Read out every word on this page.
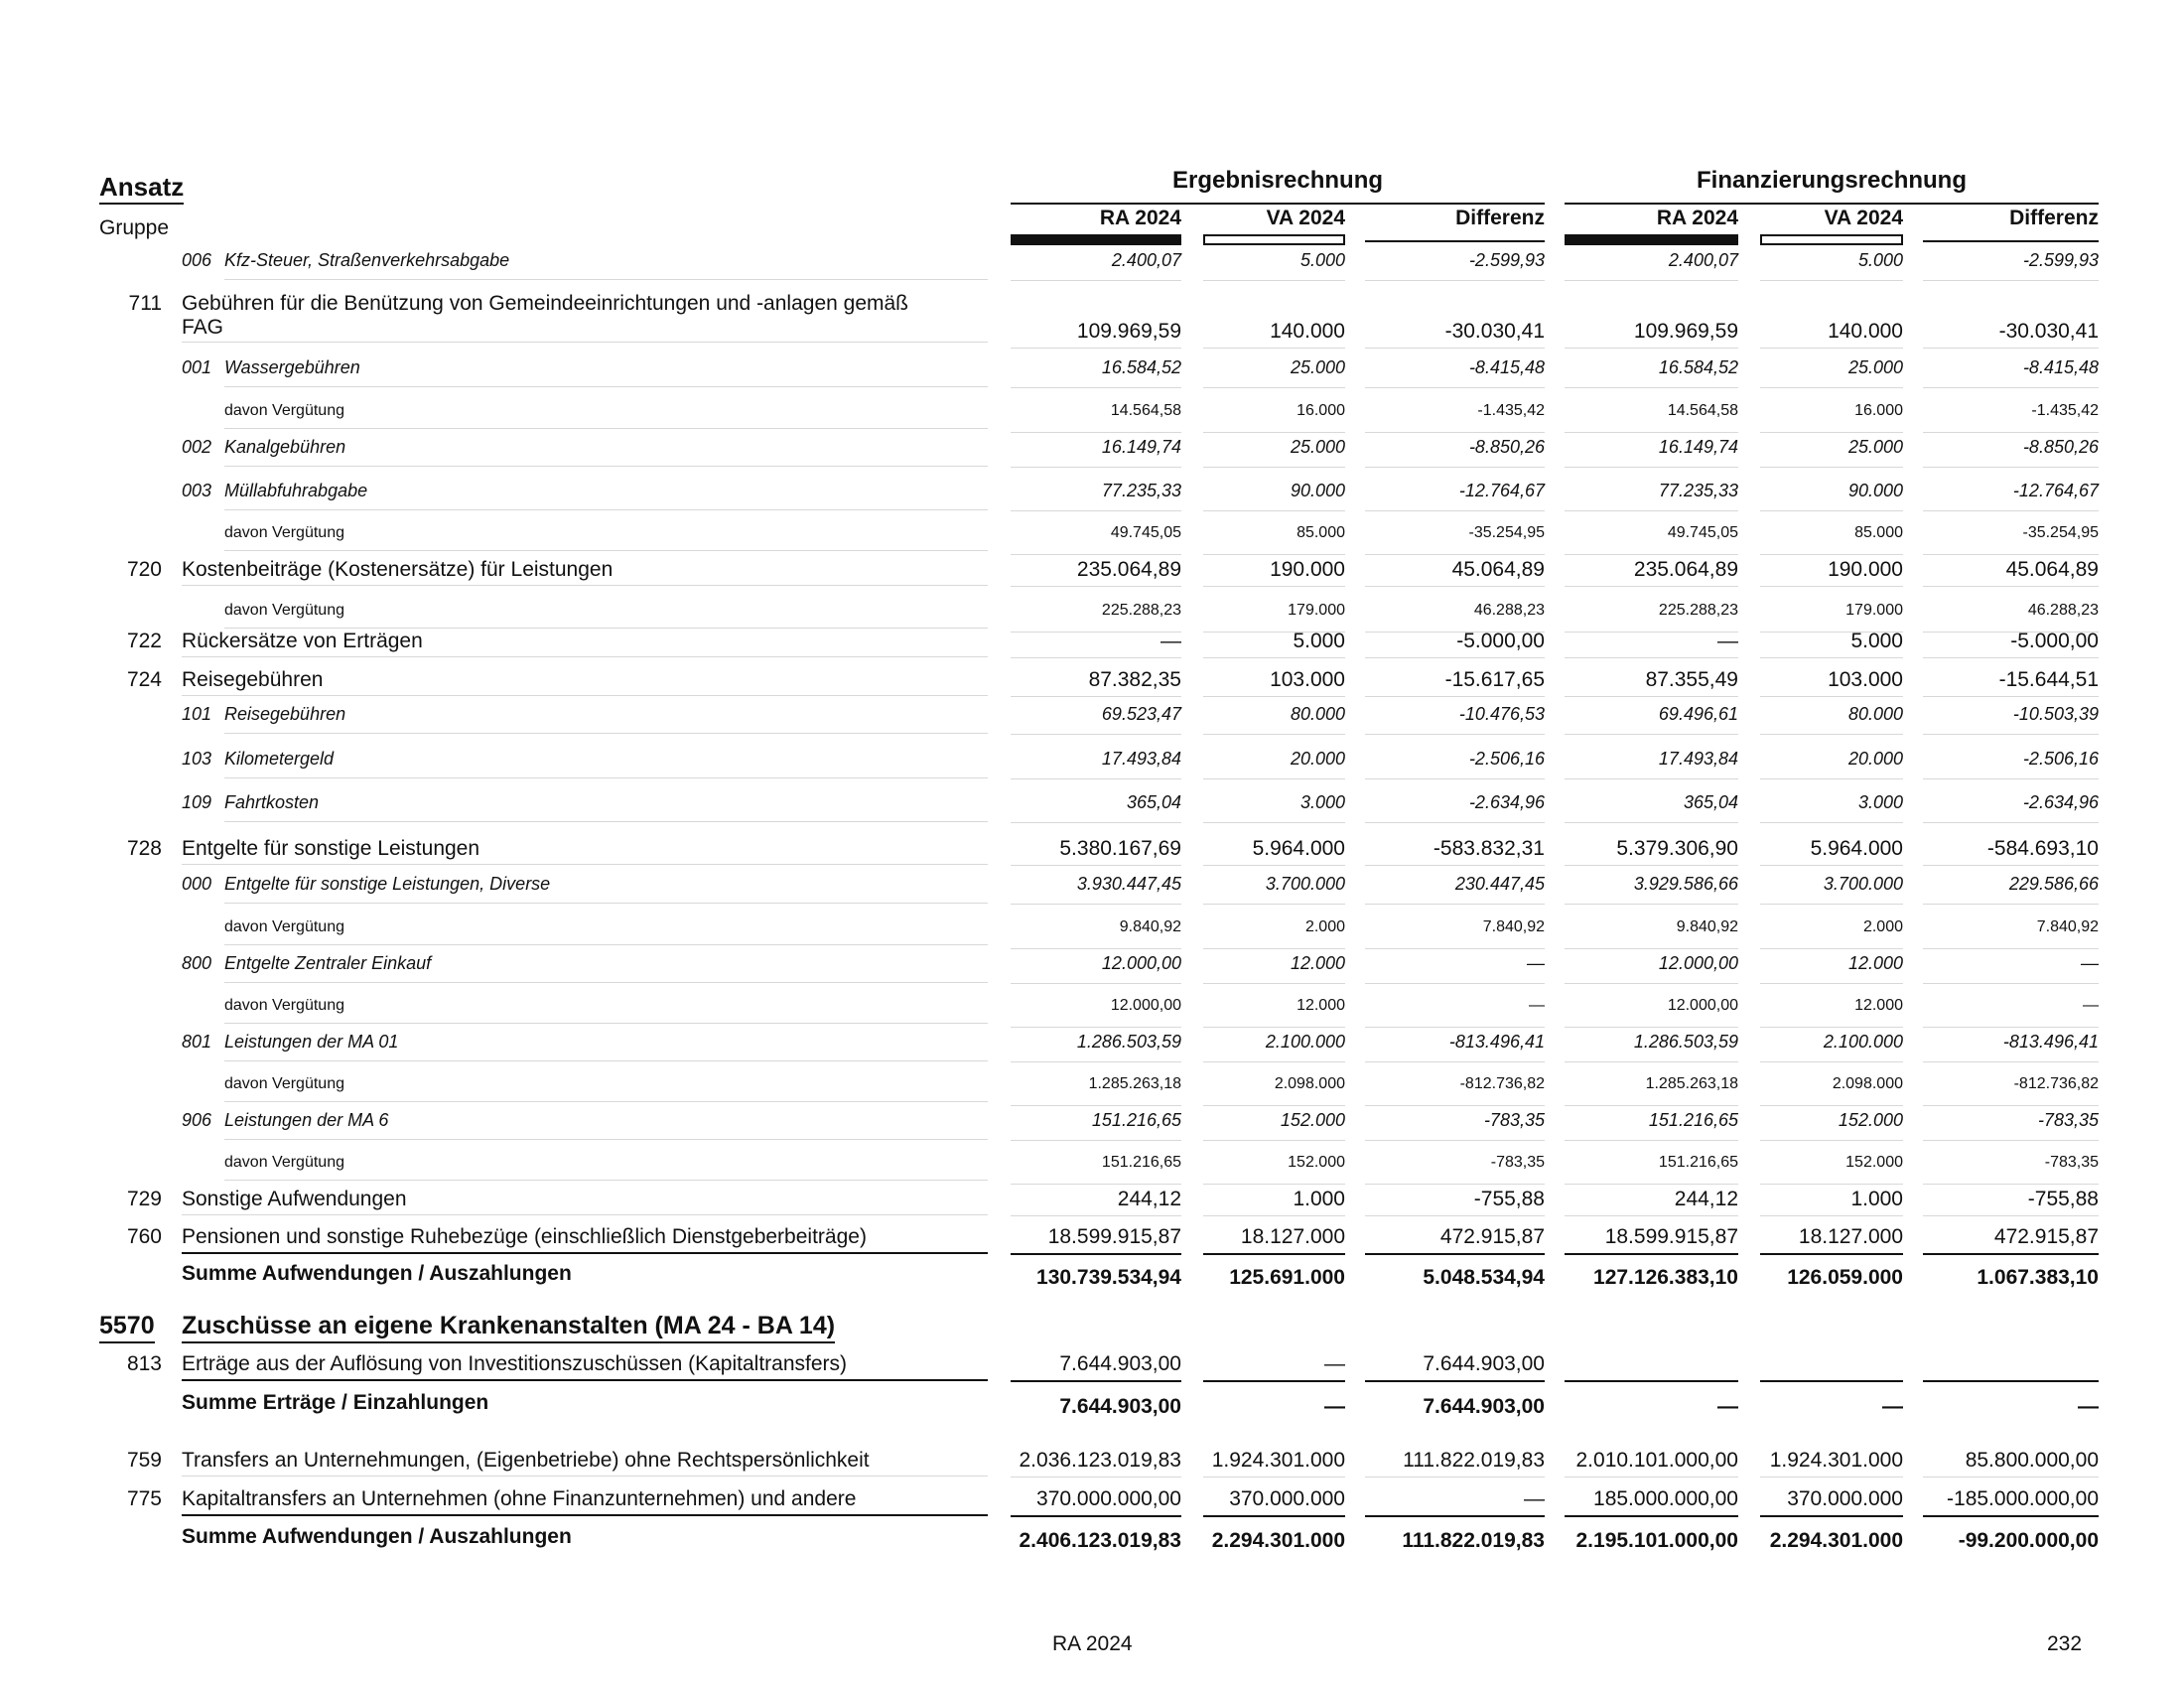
Ansatz
Gruppe
Ergebnisrechnung	Finanzierungsrechnung
RA 2024	VA 2024	Differenz	RA 2024	VA 2024	Differenz
006 Kfz-Steuer, Straßenverkehrsabgabe	2.400,07	5.000	-2.599,93	2.400,07	5.000	-2.599,93
711 Gebühren für die Benützung von Gemeindeeinrichtungen und -anlagen gemäß
FAG	109.969,59	140.000	-30.030,41	109.969,59	140.000	-30.030,41
001 Wassergebühren	16.584,52	25.000	-8.415,48	16.584,52	25.000	-8.415,48
davon Vergütung	14.564,58	16.000	-1.435,42	14.564,58	16.000	-1.435,42
002 Kanalgebühren	16.149,74	25.000	-8.850,26	16.149,74	25.000	-8.850,26
003 Müllabfuhrabgabe	77.235,33	90.000	-12.764,67	77.235,33	90.000	-12.764,67
davon Vergütung	49.745,05	85.000	-35.254,95	49.745,05	85.000	-35.254,95
720 Kostenbeiträge (Kostenersätze) für Leistungen	235.064,89	190.000	45.064,89	235.064,89	190.000	45.064,89
davon Vergütung	225.288,23	179.000	46.288,23	225.288,23	179.000	46.288,23
722 Rückersätze von Erträgen	—	5.000	-5.000,00	—	5.000	-5.000,00
724 Reisegebühren	87.382,35	103.000	-15.617,65	87.355,49	103.000	-15.644,51
101 Reisegebühren	69.523,47	80.000	-10.476,53	69.496,61	80.000	-10.503,39
103 Kilometergeld	17.493,84	20.000	-2.506,16	17.493,84	20.000	-2.506,16
109 Fahrtkosten	365,04	3.000	-2.634,96	365,04	3.000	-2.634,96
728 Entgelte für sonstige Leistungen	5.380.167,69	5.964.000	-583.832,31	5.379.306,90	5.964.000	-584.693,10
000 Entgelte für sonstige Leistungen, Diverse	3.930.447,45	3.700.000	230.447,45	3.929.586,66	3.700.000	229.586,66
davon Vergütung	9.840,92	2.000	7.840,92	9.840,92	2.000	7.840,92
800 Entgelte Zentraler Einkauf	12.000,00	12.000	—	12.000,00	12.000	—
davon Vergütung	12.000,00	12.000	—	12.000,00	12.000	—
801 Leistungen der MA 01	1.286.503,59	2.100.000	-813.496,41	1.286.503,59	2.100.000	-813.496,41
davon Vergütung	1.285.263,18	2.098.000	-812.736,82	1.285.263,18	2.098.000	-812.736,82
906 Leistungen der MA 6	151.216,65	152.000	-783,35	151.216,65	152.000	-783,35
davon Vergütung	151.216,65	152.000	-783,35	151.216,65	152.000	-783,35
729 Sonstige Aufwendungen	244,12	1.000	-755,88	244,12	1.000	-755,88
760 Pensionen und sonstige Ruhebezüge (einschließlich Dienstgeberbeiträge)	18.599.915,87	18.127.000	472.915,87	18.599.915,87	18.127.000	472.915,87
Summe Aufwendungen / Auszahlungen	130.739.534,94	125.691.000	5.048.534,94	127.126.383,10	126.059.000	1.067.383,10
5570 Zuschüsse an eigene Krankenanstalten (MA 24 - BA 14)
813 Erträge aus der Auflösung von Investitionszuschüssen (Kapitaltransfers)	7.644.903,00	—	7.644.903,00
Summe Erträge / Einzahlungen	7.644.903,00	—	7.644.903,00	—	—	—
759 Transfers an Unternehmungen, (Eigenbetriebe) ohne Rechtspersönlichkeit	2.036.123.019,83	1.924.301.000	111.822.019,83	2.010.101.000,00	1.924.301.000	85.800.000,00
775 Kapitaltransfers an Unternehmen (ohne Finanzunternehmen) und andere	370.000.000,00	370.000.000	—	185.000.000,00	370.000.000	-185.000.000,00
Summe Aufwendungen / Auszahlungen	2.406.123.019,83	2.294.301.000	111.822.019,83	2.195.101.000,00	2.294.301.000	-99.200.000,00
RA 2024	232
